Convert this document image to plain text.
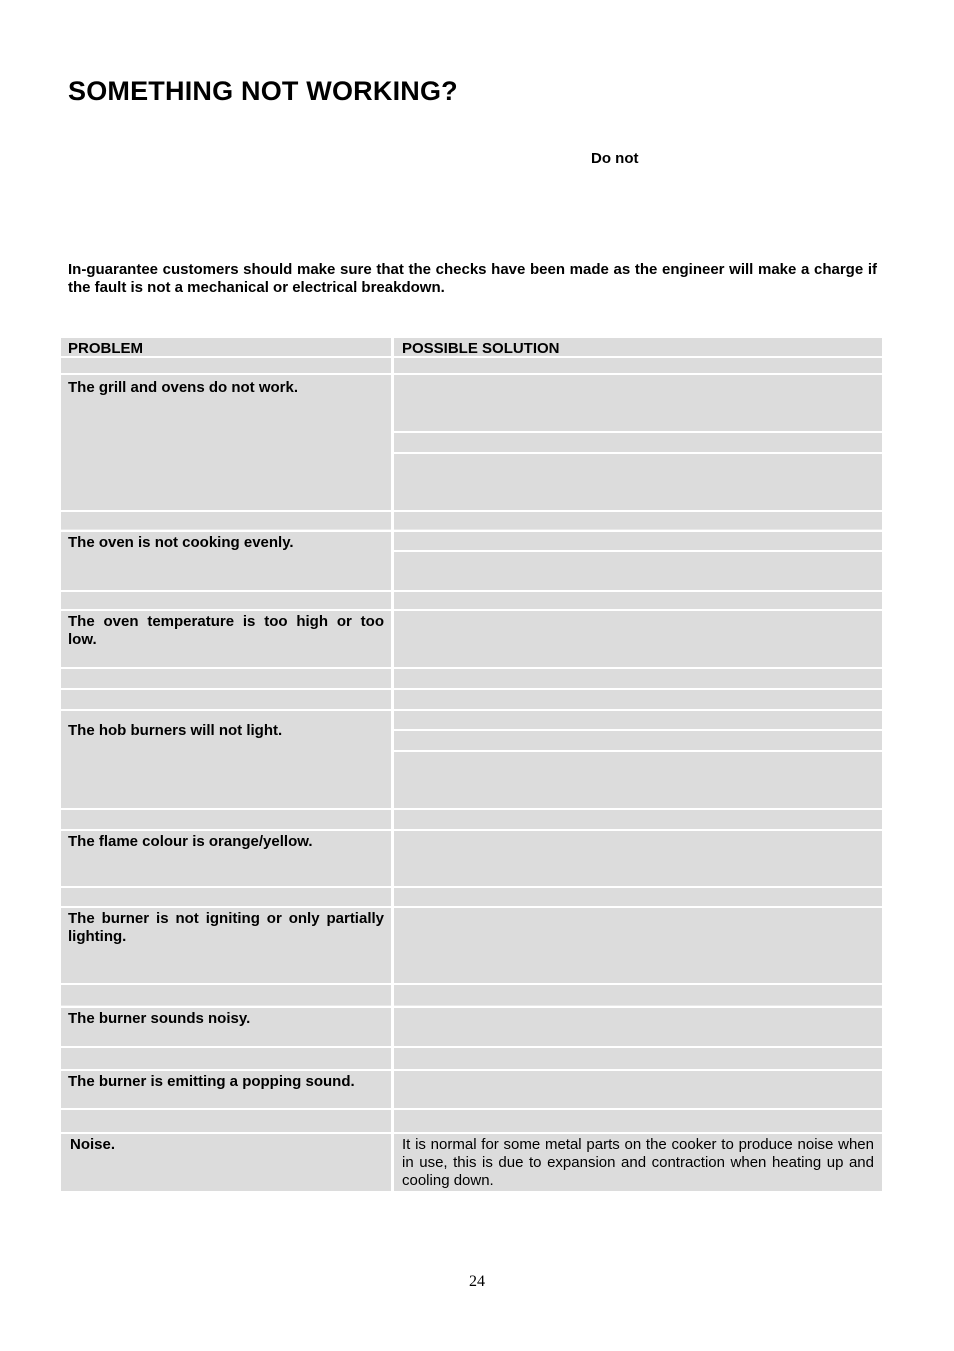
SOMETHING NOT WORKING?
Do not
In-guarantee customers should make sure that the checks have been made as the engineer will make a charge if the fault is not a mechanical or electrical breakdown.
PROBLEM	POSSIBLE SOLUTION
The grill and ovens do not work.
The oven is not cooking evenly.
The oven temperature is too high or too low.
The hob burners will not light.
The flame colour is orange/yellow.
The burner is not igniting or only partially lighting.
The burner sounds noisy.
The burner is emitting a popping sound.
Noise.	It is normal for some metal parts on the cooker to produce noise when in use, this is due to expansion and contraction when heating up and cooling down.
24
